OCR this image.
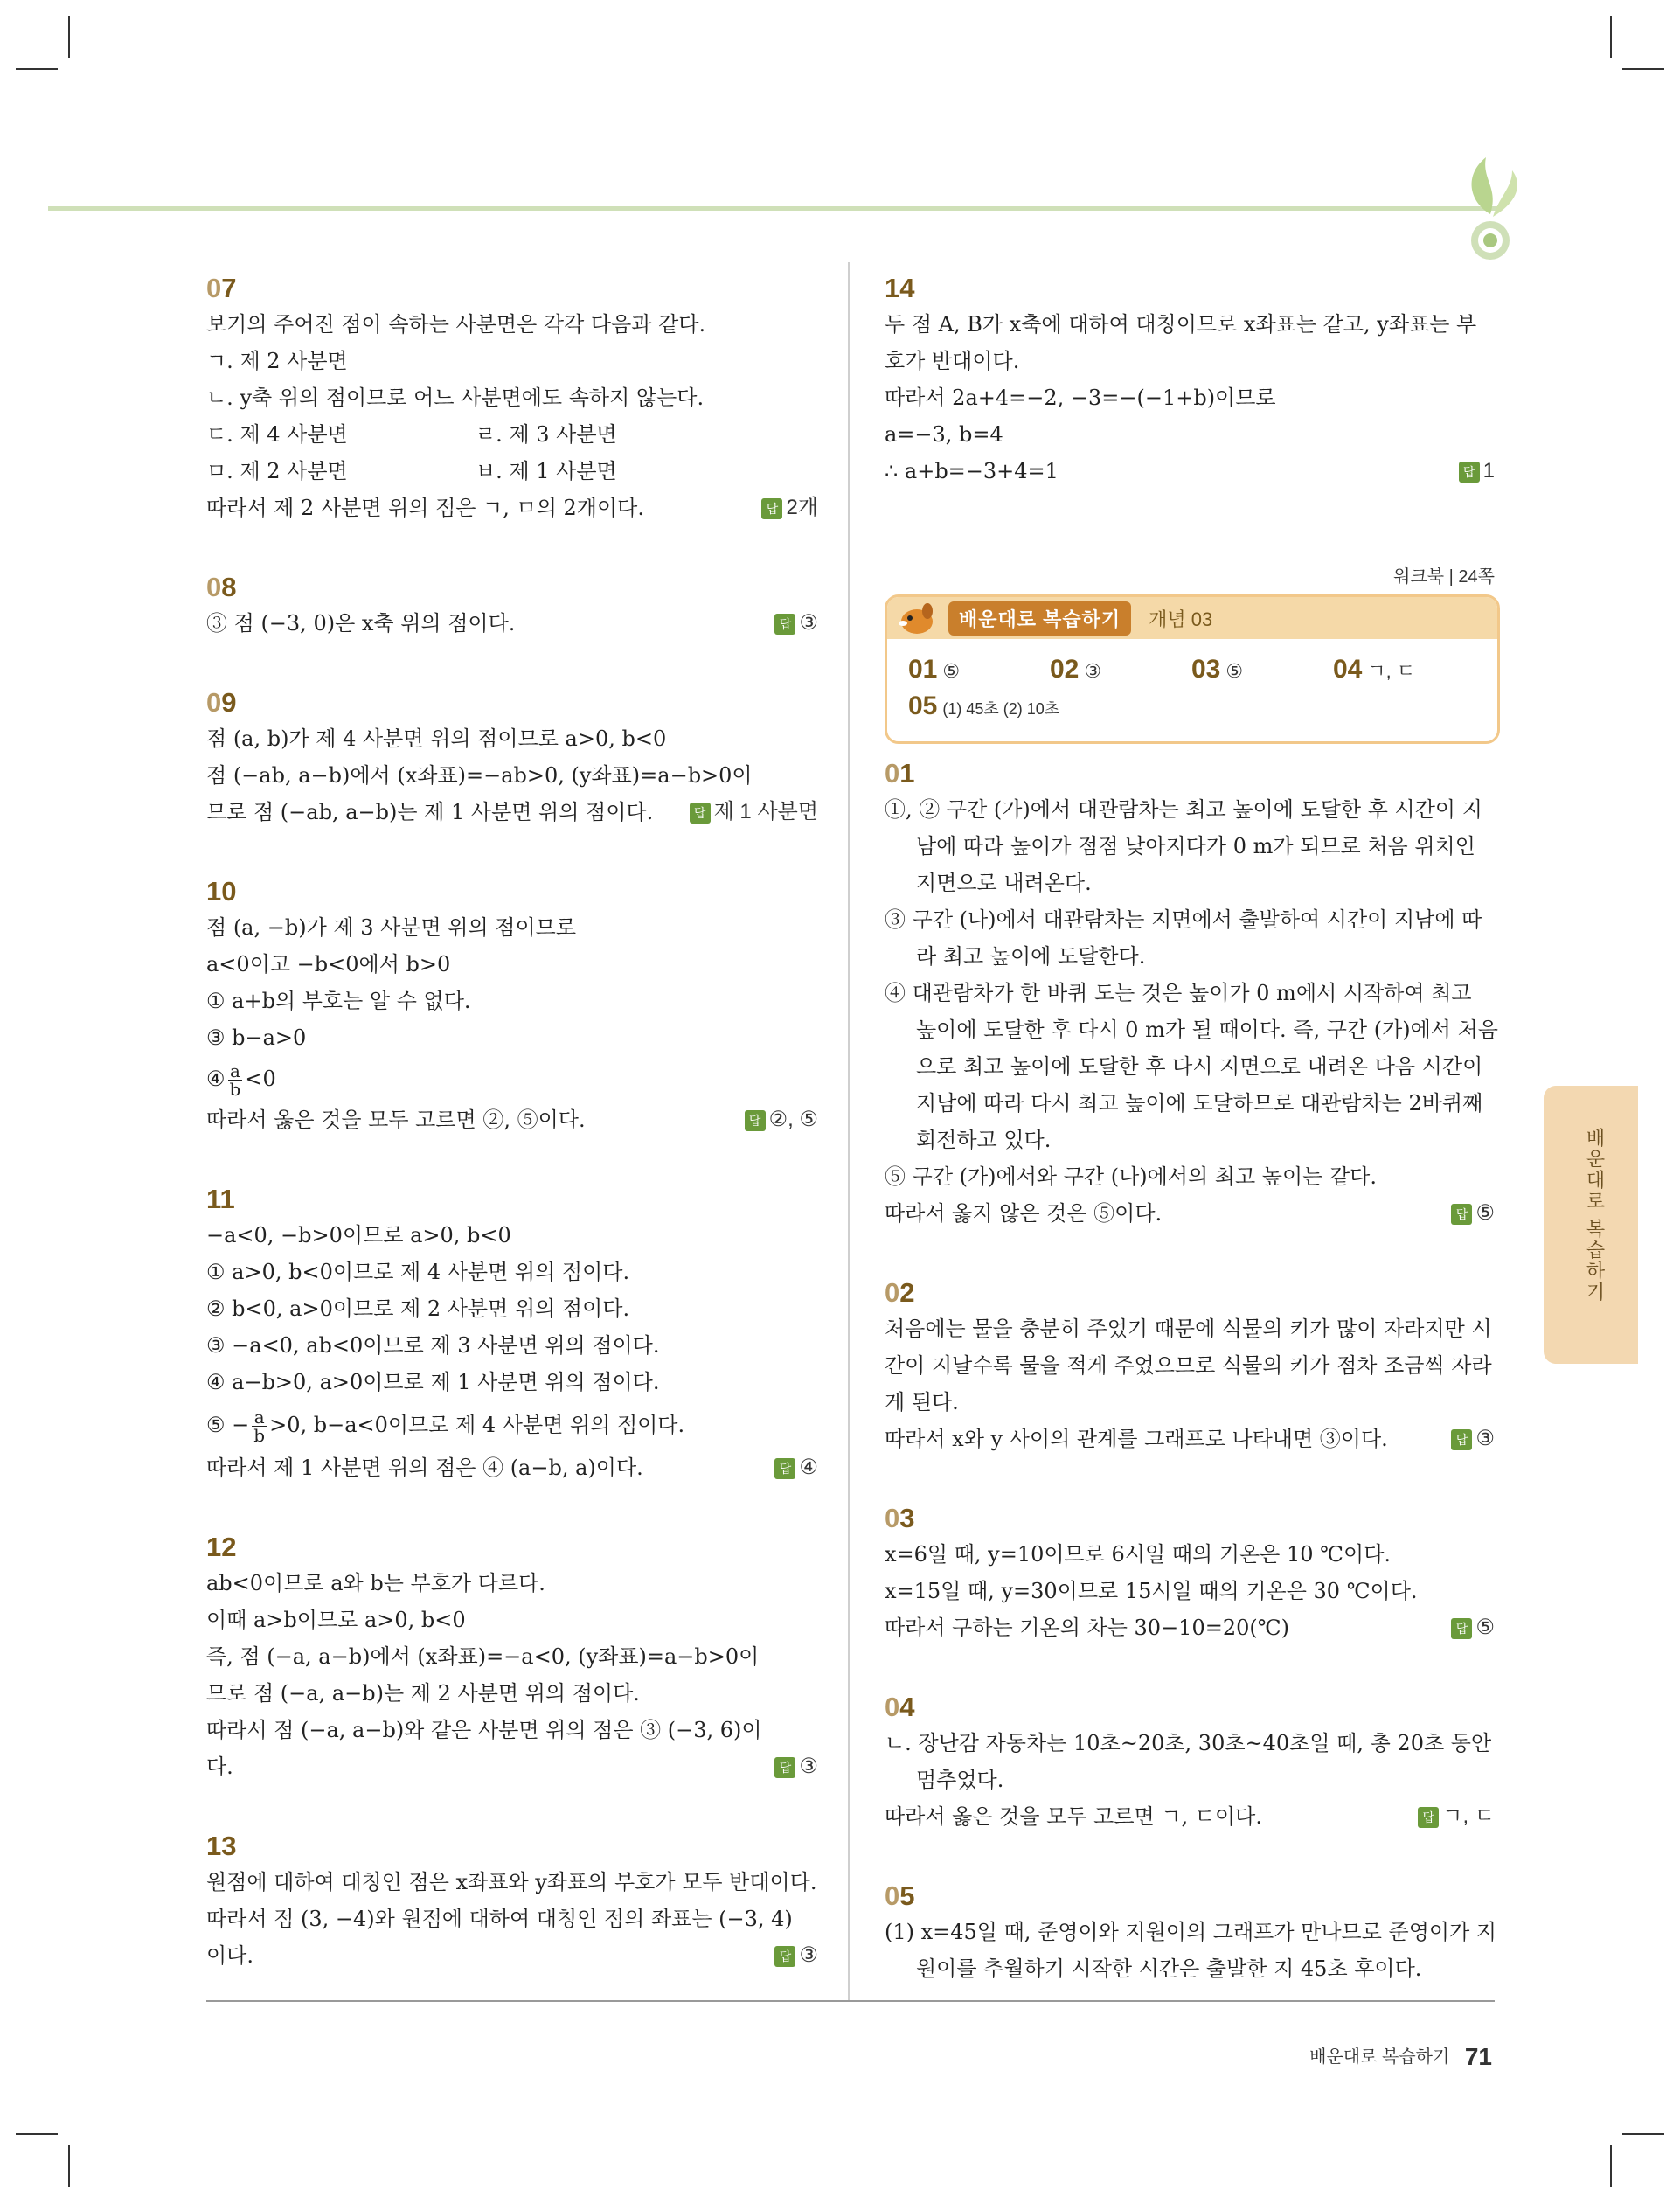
07
보기의 주어진 점이 속하는 사분면은 각각 다음과 같다.
ㄱ. 제 2 사분면
ㄴ. y축 위의 점이므로 어느 사분면에도 속하지 않는다.
ㄷ. 제 4 사분면	ㄹ. 제 3 사분면
ㅁ. 제 2 사분면	ㅂ. 제 1 사분면
따라서 제 2 사분면 위의 점은 ㄱ, ㅁ의 2개이다.	답 2개
08
③ 점 (−3, 0)은 x축 위의 점이다.	답 ③
09
점 (a, b)가 제 4 사분면 위의 점이므로 a>0, b<0
점 (−ab, a−b)에서 (x좌표)=−ab>0, (y좌표)=a−b>0이
므로 점 (−ab, a−b)는 제 1 사분면 위의 점이다.	답 제 1 사분면
10
점 (a, −b)가 제 3 사분면 위의 점이므로
a<0이고 −b<0에서 b>0
① a+b의 부호는 알 수 없다.
③ b−a>0
④ $\frac{a}{b} <0$
따라서 옳은 것을 모두 고르면 ②, ⑤이다.	답 ②, ⑤
11
−a<0, −b>0이므로 a>0, b<0
① a>0, b<0이므로 제 4 사분면 위의 점이다.
② b<0, a>0이므로 제 2 사분면 위의 점이다.
③ −a<0, ab<0이므로 제 3 사분면 위의 점이다.
④ a−b>0, a>0이므로 제 1 사분면 위의 점이다.
⑤ − $\frac{a}{b} >0$, b−a<0이므로 제 4 사분면 위의 점이다.
따라서 제 1 사분면 위의 점은 ④ (a−b, a)이다.	답 ④
12
ab<0이므로 a와 b는 부호가 다르다.
이때 a>b이므로 a>0, b<0
즉, 점 (−a, a−b)에서 (x좌표)=−a<0, (y좌표)=a−b>0이
므로 점 (−a, a−b)는 제 2 사분면 위의 점이다.
따라서 점 (−a, a−b)와 같은 사분면 위의 점은 ③ (−3, 6)이
다.	답 ③
13
원점에 대하여 대칭인 점은 x좌표와 y좌표의 부호가 모두 반대이다.
따라서 점 (3, −4)와 원점에 대하여 대칭인 점의 좌표는 (−3, 4)
이다.	답 ③
14
두 점 A, B가 x축에 대하여 대칭이므로 x좌표는 같고, y좌표는 부
호가 반대이다.
따라서 2a+4=−2, −3=−(−1+b)이므로
a=−3, b=4
∴ a+b=−3+4=1	답 1
워크북 | 24쪽
배운대로 복습하기	개념 03
01 ⑤	02 ③	03 ⑤	04 ㄱ, ㄷ
05 (1) 45초 (2) 10초
01
①, ② 구간 (가)에서 대관람차는 최고 높이에 도달한 후 시간이 지
남에 따라 높이가 점점 낮아지다가 0 m가 되므로 처음 위치인
지면으로 내려온다.
③ 구간 (나)에서 대관람차는 지면에서 출발하여 시간이 지남에 따
라 최고 높이에 도달한다.
④ 대관람차가 한 바퀴 도는 것은 높이가 0 m에서 시작하여 최고
높이에 도달한 후 다시 0 m가 될 때이다. 즉, 구간 (가)에서 처음
으로 최고 높이에 도달한 후 다시 지면으로 내려온 다음 시간이
지남에 따라 다시 최고 높이에 도달하므로 대관람차는 2바퀴째
회전하고 있다.
⑤ 구간 (가)에서와 구간 (나)에서의 최고 높이는 같다.
따라서 옳지 않은 것은 ⑤이다.	답 ⑤
02
처음에는 물을 충분히 주었기 때문에 식물의 키가 많이 자라지만 시
간이 지날수록 물을 적게 주었으므로 식물의 키가 점차 조금씩 자라
게 된다.
따라서 x와 y 사이의 관계를 그래프로 나타내면 ③이다.	답 ③
03
x=6일 때, y=10이므로 6시일 때의 기온은 10 ℃이다.
x=15일 때, y=30이므로 15시일 때의 기온은 30 ℃이다.
따라서 구하는 기온의 차는 30−10=20(℃)	답 ⑤
04
ㄴ. 장난감 자동차는 10초~20초, 30초~40초일 때, 총 20초 동안
멈추었다.
따라서 옳은 것을 모두 고르면 ㄱ, ㄷ이다.	답 ㄱ, ㄷ
05
(1) x=45일 때, 준영이와 지원이의 그래프가 만나므로 준영이가 지
원이를 추월하기 시작한 시간은 출발한 지 45초 후이다.
배운대로 복습하기
배운대로 복습하기 71
